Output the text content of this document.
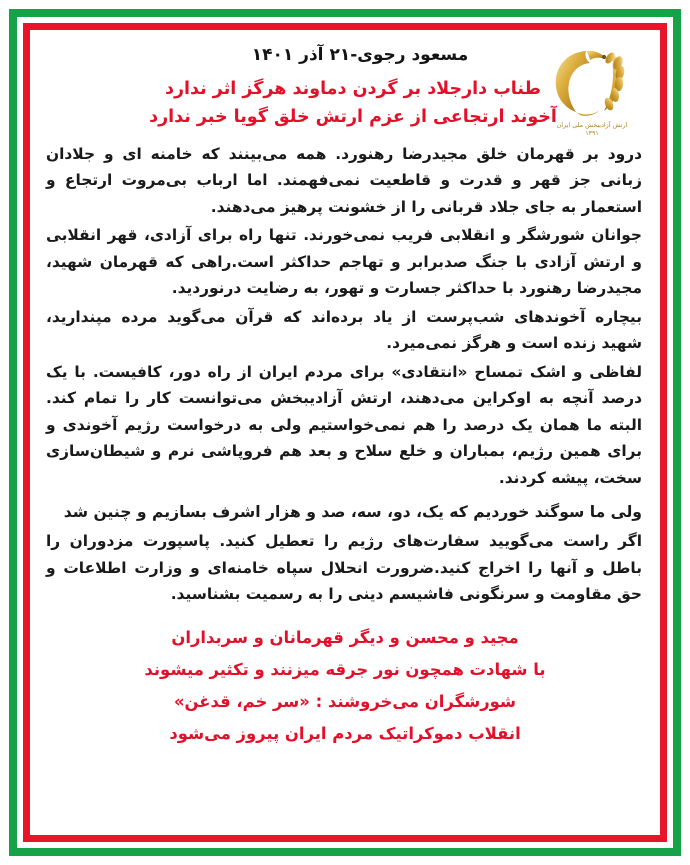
ارتش آزادیبخش ملی ایران
۱۳۹۱
مسعود رجوی-۲۱ آذر ۱۴۰۱
طناب دارجلاد بر گردن دماوند هرگز اثر ندارد
آخوند ارتجاعی از عزم ارتش خلق گویا خبر ندارد

درود بر قهرمان خلق مجیدرضا رهنورد. همه می‌بینند که خامنه ای و جلادان زبانی جز قهر و قدرت و قاطعیت نمی‌فهمند. اما ارباب بی‌مروت ارتجاع و استعمار به جای جلاد قربانی را از خشونت پرهیز می‌دهند.

جوانان شورشگر و انقلابی فریب نمی‌خورند. تنها راه برای آزادی، قهر انقلابی و ارتش آزادی با جنگ صدبرابر و تهاجم حداکثر است.راهی که قهرمان شهید، مجیدرضا رهنورد با حداکثر جسارت و تهور، به رضایت درنوردید.

بیچاره آخوندهای شب‌پرست از یاد برده‌اند که قرآن می‌گوید مرده مپندارید، شهید زنده است و هرگز نمی‌میرد.

لفاظی و اشک تمساح «انتقادی» برای مردم ایران از راه دور، کافیست. با یک درصد آنچه به اوکراین می‌دهند، ارتش آزادیبخش می‌توانست کار را تمام کند. البته ما همان یک درصد را هم نمی‌خواستیم ولی به درخواست رژیم آخوندی و برای همین رژیم، بمباران و خلع سلاح و بعد هم فروپاشی نرم و شیطان‌سازی سخت، پیشه کردند.

ولی ما سوگند خوردیم که یک، دو، سه، صد و هزار اشرف بسازیم و چنین شد

اگر راست می‌گویید سفارت‌های رژیم را تعطیل کنید. پاسپورت مزدوران را باطل و آنها را اخراج کنید.ضرورت انحلال سپاه خامنه‌ای و وزارت اطلاعات و حق مقاومت و سرنگونی فاشیسم دینی را به رسمیت بشناسید.

مجید و محسن و دیگر قهرمانان و سربداران
با شهادت همچون نور جرقه میزنند و تکثیر میشوند
شورشگران می‌خروشند : «سر خم، قدغن»
انقلاب دموکراتیک مردم ایران پیروز می‌شود
